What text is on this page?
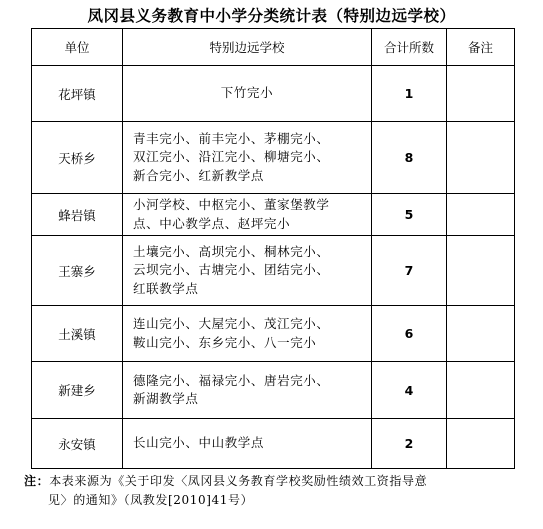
凤冈县义务教育中小学分类统计表（特别边远学校）
单位	特别边远学校	合计所数	备注
花坪镇	下竹完小	1	
天桥乡	青丰完小、前丰完小、茅棚完小、
双江完小、沿江完小、柳塘完小、
新合完小、红新教学点	8	
蜂岩镇	小河学校、中枢完小、董家堡教学
点、中心教学点、赵坪完小	5	
王寨乡	土壤完小、高坝完小、桐林完小、
云坝完小、古塘完小、团结完小、
红联教学点	7	
土溪镇	连山完小、大屋完小、茂江完小、
鞍山完小、东乡完小、八一完小	6	
新建乡	德隆完小、福禄完小、唐岩完小、
新湖教学点	4	
永安镇	长山完小、中山教学点	2	
注：本表来源为《关于印发〈凤冈县义务教育学校奖励性绩效工资指导意
见〉的通知》（凤教发[2010]41号）
